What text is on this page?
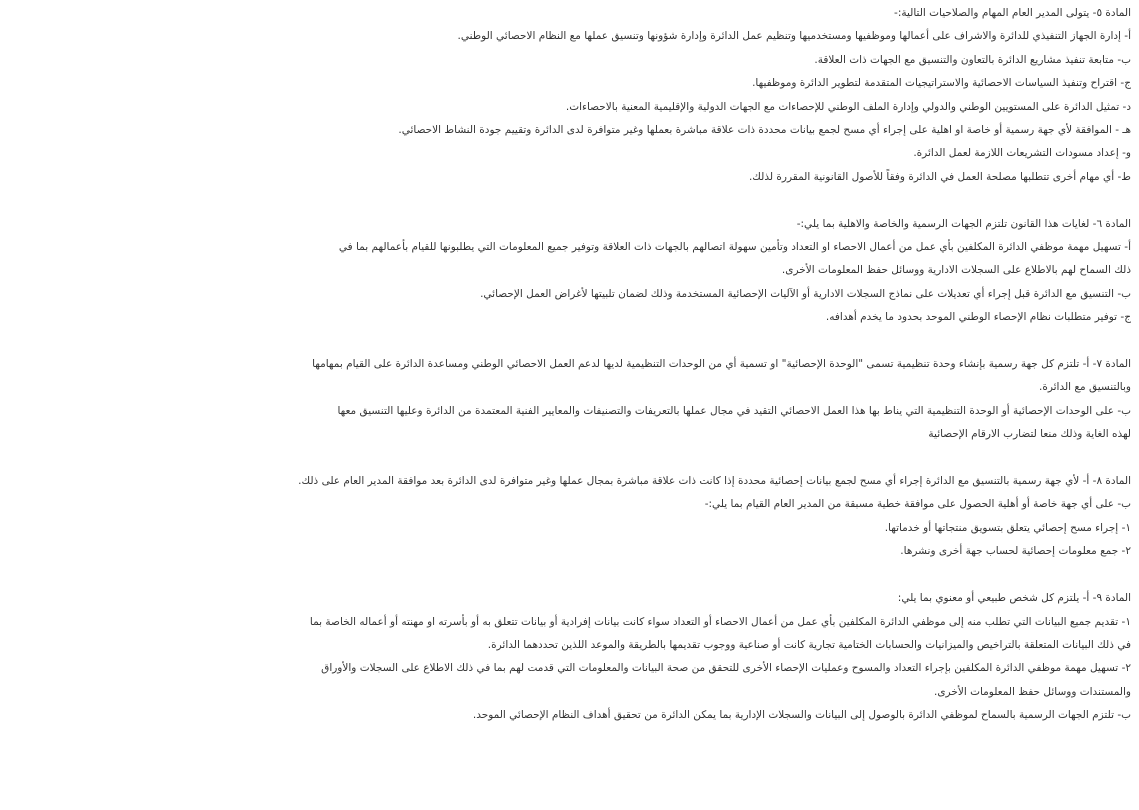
المادة ٥- يتولى المدير العام المهام والصلاحيات التالية:-
أ- إدارة الجهاز التنفيذي للدائرة والاشراف على أعمالها وموظفيها ومستخدميها وتنظيم عمل الدائرة وإدارة شؤونها وتنسيق عملها مع النظام الاحصائي الوطني.
ب- متابعة تنفيذ مشاريع الدائرة بالتعاون والتنسيق مع الجهات ذات العلاقة.
ج- اقتراح وتنفيذ السياسات الاحصائية والاستراتيجيات المتقدمة لتطوير الدائرة وموظفيها.
د- تمثيل الدائرة على المستويين الوطني والدولي وإدارة الملف الوطني للإحصاءات مع الجهات الدولية والإقليمية المعنية بالاحصاءات.
هـ - الموافقة لأي جهة رسمية أو خاصة او اهلية على إجراء أي مسح لجمع بيانات محددة ذات علاقة مباشرة بعملها وغير متوافرة لدى الدائرة وتقييم جودة النشاط الاحصائي.
و- إعداد مسودات التشريعات اللازمة لعمل الدائرة.
ط- أي مهام أخرى تتطلبها مصلحة العمل في الدائرة وفقاً للأصول القانونية المقررة لذلك.
المادة ٦- لغايات هذا القانون تلتزم الجهات الرسمية والخاصة والاهلية بما يلي:-
أ- تسهيل مهمة موظفي الدائرة المكلفين بأي عمل من أعمال الاحصاء او التعداد وتأمين سهولة اتصالهم بالجهات ذات العلاقة وتوفير جميع المعلومات التي يطلبونها للقيام بأعمالهم بما في
ذلك السماح لهم بالاطلاع على السجلات الادارية ووسائل حفظ المعلومات الأخرى.
ب- التنسيق مع الدائرة قبل إجراء أي تعديلات على نماذج السجلات الادارية أو الآليات الإحصائية المستخدمة وذلك لضمان تلبيتها لأغراض العمل الإحصائي.
ج- توفير متطلبات نظام الإحصاء الوطني الموحد بحدود ما يخدم أهدافه.
المادة ٧- أ- تلتزم كل جهة رسمية بإنشاء وحدة تنظيمية تسمى "الوحدة الإحصائية" او تسمية أي من الوحدات التنظيمية لديها لدعم العمل الاحصائي الوطني ومساعدة الدائرة على القيام بمهامها
وبالتنسيق مع الدائرة.
ب- على الوحدات الإحصائية أو الوحدة التنظيمية التي يناط بها هذا العمل الاحصائي التقيد في مجال عملها بالتعريفات والتصنيفات والمعايير الفنية المعتمدة من الدائرة وعليها التنسيق معها
لهذه الغاية وذلك منعا لتضارب الارقام الإحصائية
المادة ٨- أ- لأي جهة رسمية بالتنسيق مع الدائرة إجراء أي مسح لجمع بيانات إحصائية محددة إذا كانت ذات علاقة مباشرة بمجال عملها وغير متوافرة لدى الدائرة بعد موافقة المدير العام على ذلك.
ب- على أي جهة خاصة أو أهلية الحصول على موافقة خطية مسبقة من المدير العام القيام بما يلي:-
١- إجراء مسح إحصائي يتعلق بتسويق منتجاتها أو خدماتها.
٢- جمع معلومات إحصائية لحساب جهة أخرى ونشرها.
المادة ٩- أ- يلتزم كل شخص طبيعي أو معنوي بما يلي:
١- تقديم جميع البيانات التي تطلب منه إلى موظفي الدائرة المكلفين بأي عمل من أعمال الاحصاء أو التعداد سواء كانت بيانات إفرادية أو بيانات تتعلق به أو بأسرته او مهنته أو أعماله الخاصة بما
في ذلك البيانات المتعلقة بالتراخيص والميزانيات والحسابات الختامية تجارية كانت أو صناعية ووجوب تقديمها بالطريقة والموعد اللذين تحددهما الدائرة.
٢- تسهيل مهمة موظفي الدائرة المكلفين بإجراء التعداد والمسوح وعمليات الإحصاء الأخرى للتحقق من صحة البيانات والمعلومات التي قدمت لهم بما في ذلك الاطلاع على السجلات والأوراق
والمستندات ووسائل حفظ المعلومات الأخرى.
ب- تلتزم الجهات الرسمية بالسماح لموظفي الدائرة بالوصول إلى البيانات والسجلات الإدارية بما يمكن الدائرة من تحقيق أهداف النظام الإحصائي الموحد.
